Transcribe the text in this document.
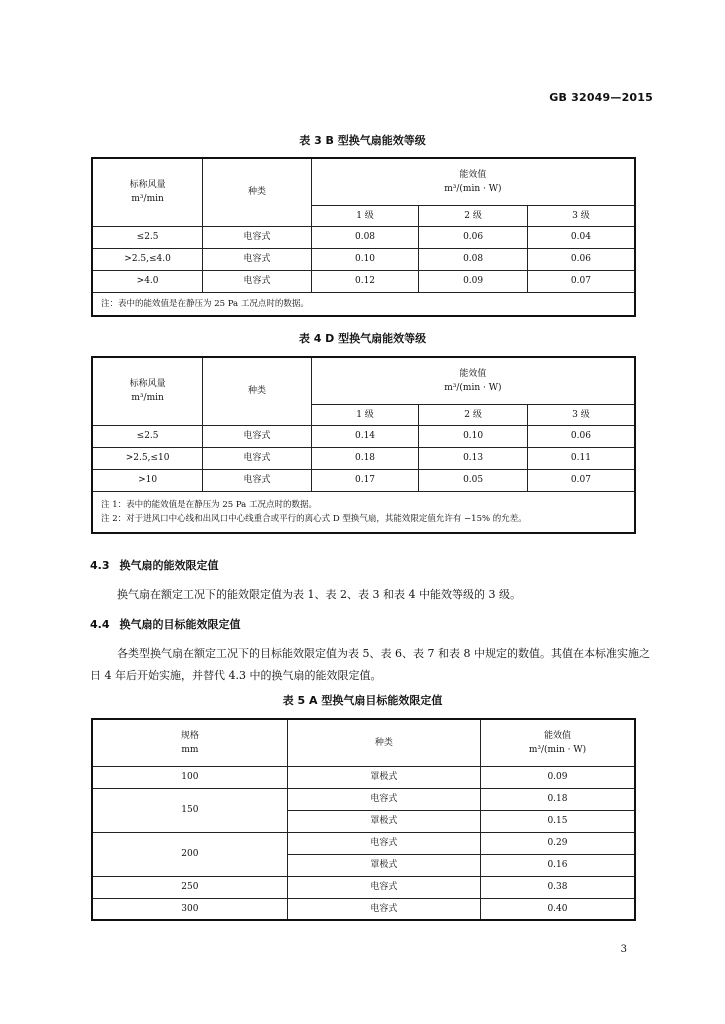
GB 32049—2015
表 3 B 型换气扇能效等级
标称风量
m³/min	种类	能效值
m³/(min · W)		

		1 级	2 级	3 级
≤2.5	电容式	0.08	0.06	0.04
>2.5,≤4.0	电容式	0.10	0.08	0.06
>4.0	电容式	0.12	0.09	0.07
注：表中的能效值是在静压为 25 Pa 工况点时的数据。				
表 4 D 型换气扇能效等级
标称风量
m³/min	种类	能效值
m³/(min · W)		

		1 级	2 级	3 级
≤2.5	电容式	0.14	0.10	0.06
>2.5,≤10	电容式	0.18	0.13	0.11
>10	电容式	0.17	0.05	0.07

注 1：表中的能效值是在静压为 25 Pa 工况点时的数据。
注 2：对于进风口中心线和出风口中心线重合或平行的离心式 D 型换气扇，其能效限定值允许有 −15% 的允差。				
4.3 换气扇的能效限定值
换气扇在额定工况下的能效限定值为表 1、表 2、表 3 和表 4 中能效等级的 3 级。
4.4 换气扇的目标能效限定值
各类型换气扇在额定工况下的目标能效限定值为表 5、表 6、表 7 和表 8 中规定的数值。其值在本标准实施之日 4 年后开始实施，并替代 4.3 中的换气扇的能效限定值。
表 5 A 型换气扇目标能效限定值
规格
mm	种类	能效值
m³/(min · W)

100	罩极式	0.09
150	电容式	0.18
	罩极式	0.15
200	电容式	0.29
	罩极式	0.16
250	电容式	0.38
300	电容式	0.40
3
